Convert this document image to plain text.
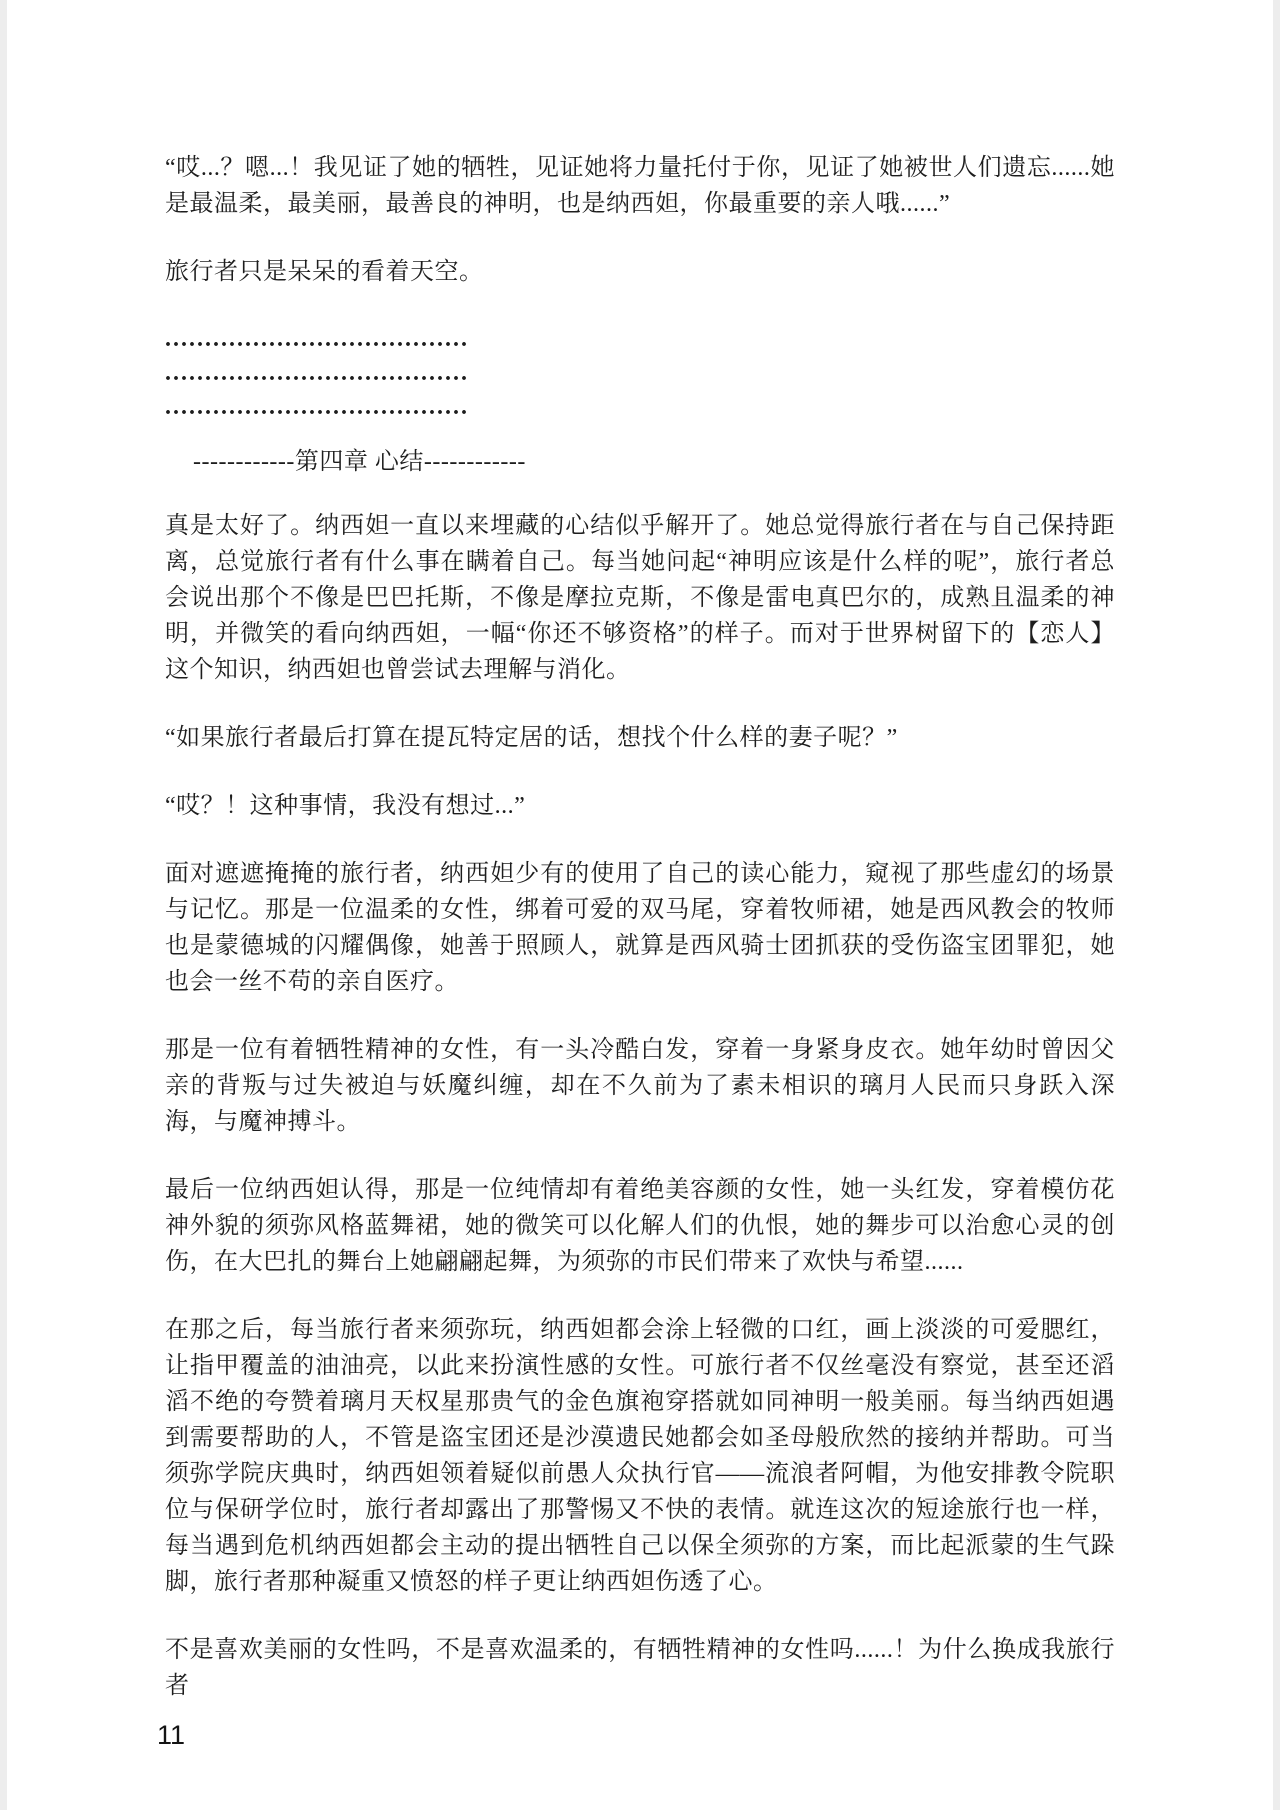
“哎...？嗯...！我见证了她的牺牲，见证她将力量托付于你，见证了她被世人们遗忘......她是最温柔，最美丽，最善良的神明，也是纳西妲，你最重要的亲人哦......”

旅行者只是呆呆的看着天空。

......................................

......................................

......................................

------------第四章 心结------------

真是太好了。纳西妲一直以来埋藏的心结似乎解开了。她总觉得旅行者在与自己保持距离，总觉旅行者有什么事在瞒着自己。每当她问起“神明应该是什么样的呢”，旅行者总会说出那个不像是巴巴托斯，不像是摩拉克斯，不像是雷电真巴尔的，成熟且温柔的神明，并微笑的看向纳西妲，一幅“你还不够资格”的样子。而对于世界树留下的【恋人】这个知识，纳西妲也曾尝试去理解与消化。

“如果旅行者最后打算在提瓦特定居的话，想找个什么样的妻子呢？”

“哎？！这种事情，我没有想过...”

面对遮遮掩掩的旅行者，纳西妲少有的使用了自己的读心能力，窥视了那些虚幻的场景与记忆。那是一位温柔的女性，绑着可爱的双马尾，穿着牧师裙，她是西风教会的牧师也是蒙德城的闪耀偶像，她善于照顾人，就算是西风骑士团抓获的受伤盗宝团罪犯，她也会一丝不苟的亲自医疗。

那是一位有着牺牲精神的女性，有一头冷酷白发，穿着一身紧身皮衣。她年幼时曾因父亲的背叛与过失被迫与妖魔纠缠，却在不久前为了素未相识的璃月人民而只身跃入深海，与魔神搏斗。

最后一位纳西妲认得，那是一位纯情却有着绝美容颜的女性，她一头红发，穿着模仿花神外貌的须弥风格蓝舞裙，她的微笑可以化解人们的仇恨，她的舞步可以治愈心灵的创伤，在大巴扎的舞台上她翩翩起舞，为须弥的市民们带来了欢快与希望......

在那之后，每当旅行者来须弥玩，纳西妲都会涂上轻微的口红，画上淡淡的可爱腮红，让指甲覆盖的油油亮，以此来扮演性感的女性。可旅行者不仅丝毫没有察觉，甚至还滔滔不绝的夸赞着璃月天权星那贵气的金色旗袍穿搭就如同神明一般美丽。每当纳西妲遇到需要帮助的人，不管是盗宝团还是沙漠遗民她都会如圣母般欣然的接纳并帮助。可当须弥学院庆典时，纳西妲领着疑似前愚人众执行官——流浪者阿帽，为他安排教令院职位与保研学位时，旅行者却露出了那警惕又不快的表情。就连这次的短途旅行也一样，每当遇到危机纳西妲都会主动的提出牺牲自己以保全须弥的方案，而比起派蒙的生气跺脚，旅行者那种凝重又愤怒的样子更让纳西妲伤透了心。

不是喜欢美丽的女性吗，不是喜欢温柔的，有牺牲精神的女性吗......！为什么换成我旅行者

11
